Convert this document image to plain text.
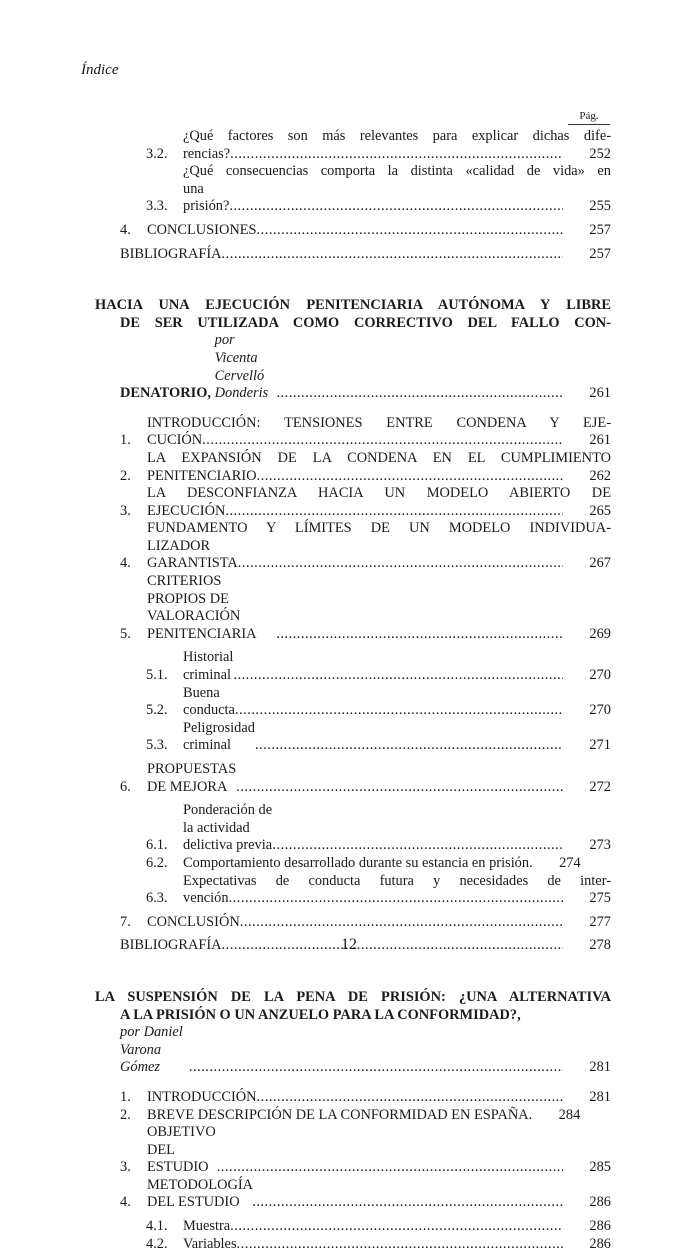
Índice
Pág.
3.2.
¿Qué factores son más relevantes para explicar dichas dife-
rencias? .....	252
3.3.
¿Qué consecuencias comporta la distinta «calidad de vida» en
una prisión? .....	255
4.	CONCLUSIONES .....	257
BIBLIOGRAFÍA .....	257
HACIA UNA EJECUCIÓN PENITENCIARIA AUTÓNOMA Y LIBRE
DE SER UTILIZADA COMO CORRECTIVO DEL FALLO CON-
DENATORIO,

por Vicenta Cervelló Donderis .....	261
1.
INTRODUCCIÓN: TENSIONES ENTRE CONDENA Y EJE-
CUCIÓN .....	261
2.
LA EXPANSIÓN DE LA CONDENA EN EL CUMPLIMIENTO
PENITENCIARIO .....	262
3.
LA DESCONFIANZA HACIA UN MODELO ABIERTO DE
EJECUCIÓN .....	265
4.
FUNDAMENTO Y LÍMITES DE UN MODELO INDIVIDUA-
LIZADOR GARANTISTA .....	267
5.
CRITERIOS PROPIOS DE VALORACIÓN PENITENCIARIA .....	269
5.1.
Historial criminal .....	270
5.2.
Buena conducta .....	270
5.3.
Peligrosidad criminal .....	271
6.
PROPUESTAS DE MEJORA .....	272
6.1.
Ponderación de la actividad delictiva previa .....	273
6.2.	Comportamiento desarrollado durante su estancia en prisión.	274
6.3.
Expectativas de conducta futura y necesidades de inter-
vención .....	275
7.	CONCLUSIÓN .....	277
BIBLIOGRAFÍA .....	278
LA SUSPENSIÓN DE LA PENA DE PRISIÓN: ¿UNA ALTERNATIVA
A LA PRISIÓN O UN ANZUELO PARA LA CONFORMIDAD?,
por Daniel Varona Gómez .....	281
1.	INTRODUCCIÓN .....	281
2.	BREVE DESCRIPCIÓN DE LA CONFORMIDAD EN ESPAÑA.	284
3.
OBJETIVO DEL ESTUDIO .....	285
4.
METODOLOGÍA DEL ESTUDIO .....	286
4.1.	Muestra .....	286
4.2.	Variables .....	286
12
